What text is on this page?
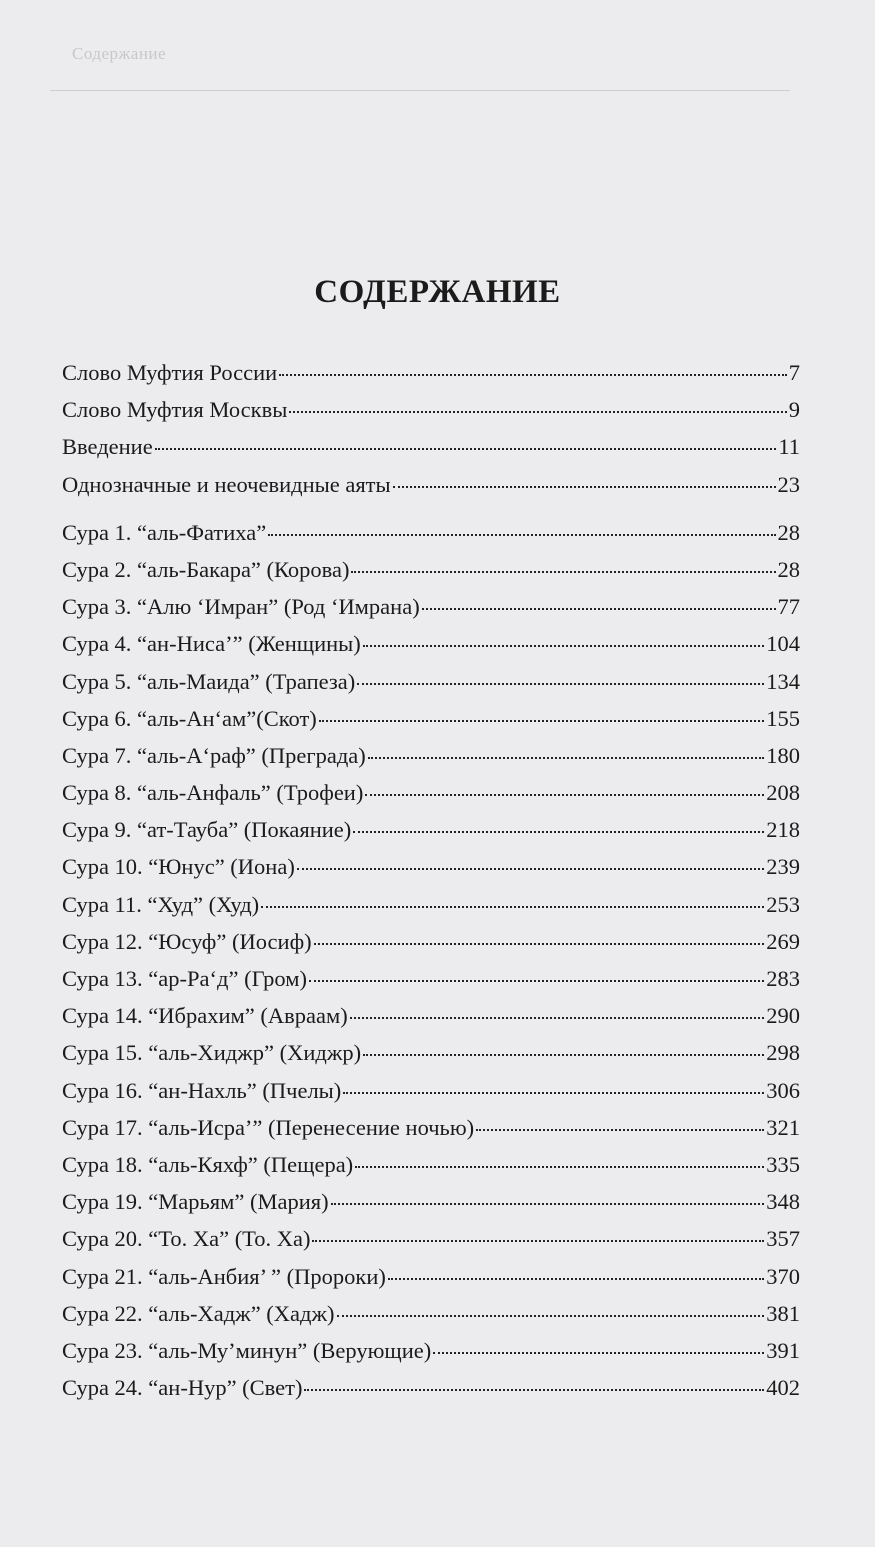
Содержание
СОДЕРЖАНИЕ
Слово Муфтия России	7
Слово Муфтия Москвы	9
Введение	11
Однозначные и неочевидные аяты	23
Сура 1. “аль-Фатиха”	28
Сура 2. “аль-Бакара” (Корова)	28
Сура 3. “Алю ‘Имран” (Род ‘Имрана)	77
Сура 4. “ан-Ниса’” (Женщины)	104
Сура 5. “аль-Маида” (Трапеза)	134
Сура 6. “аль-Ан‘ам”(Скот)	155
Сура 7. “аль-А‘раф” (Преграда)	180
Сура 8. “аль-Анфаль” (Трофеи)	208
Сура 9. “ат-Тауба” (Покаяние)	218
Сура 10. “Юнус” (Иона)	239
Сура 11. “Худ” (Худ)	253
Сура 12. “Юсуф” (Иосиф)	269
Сура 13. “ар-Ра‘д” (Гром)	283
Сура 14. “Ибрахим” (Авраам)	290
Сура 15. “аль-Хиджр” (Хиджр)	298
Сура 16. “ан-Нахль” (Пчелы)	306
Сура 17. “аль-Исра’” (Перенесение ночью)	321
Сура 18. “аль-Кяхф” (Пещера)	335
Сура 19. “Марьям” (Мария)	348
Сура 20. “То. Ха” (То. Ха)	357
Сура 21. “аль-Анбия’ ” (Пророки)	370
Сура 22. “аль-Хадж” (Хадж)	381
Сура 23. “аль-Му’минун” (Верующие)	391
Сура 24. “ан-Нур” (Свет)	402
